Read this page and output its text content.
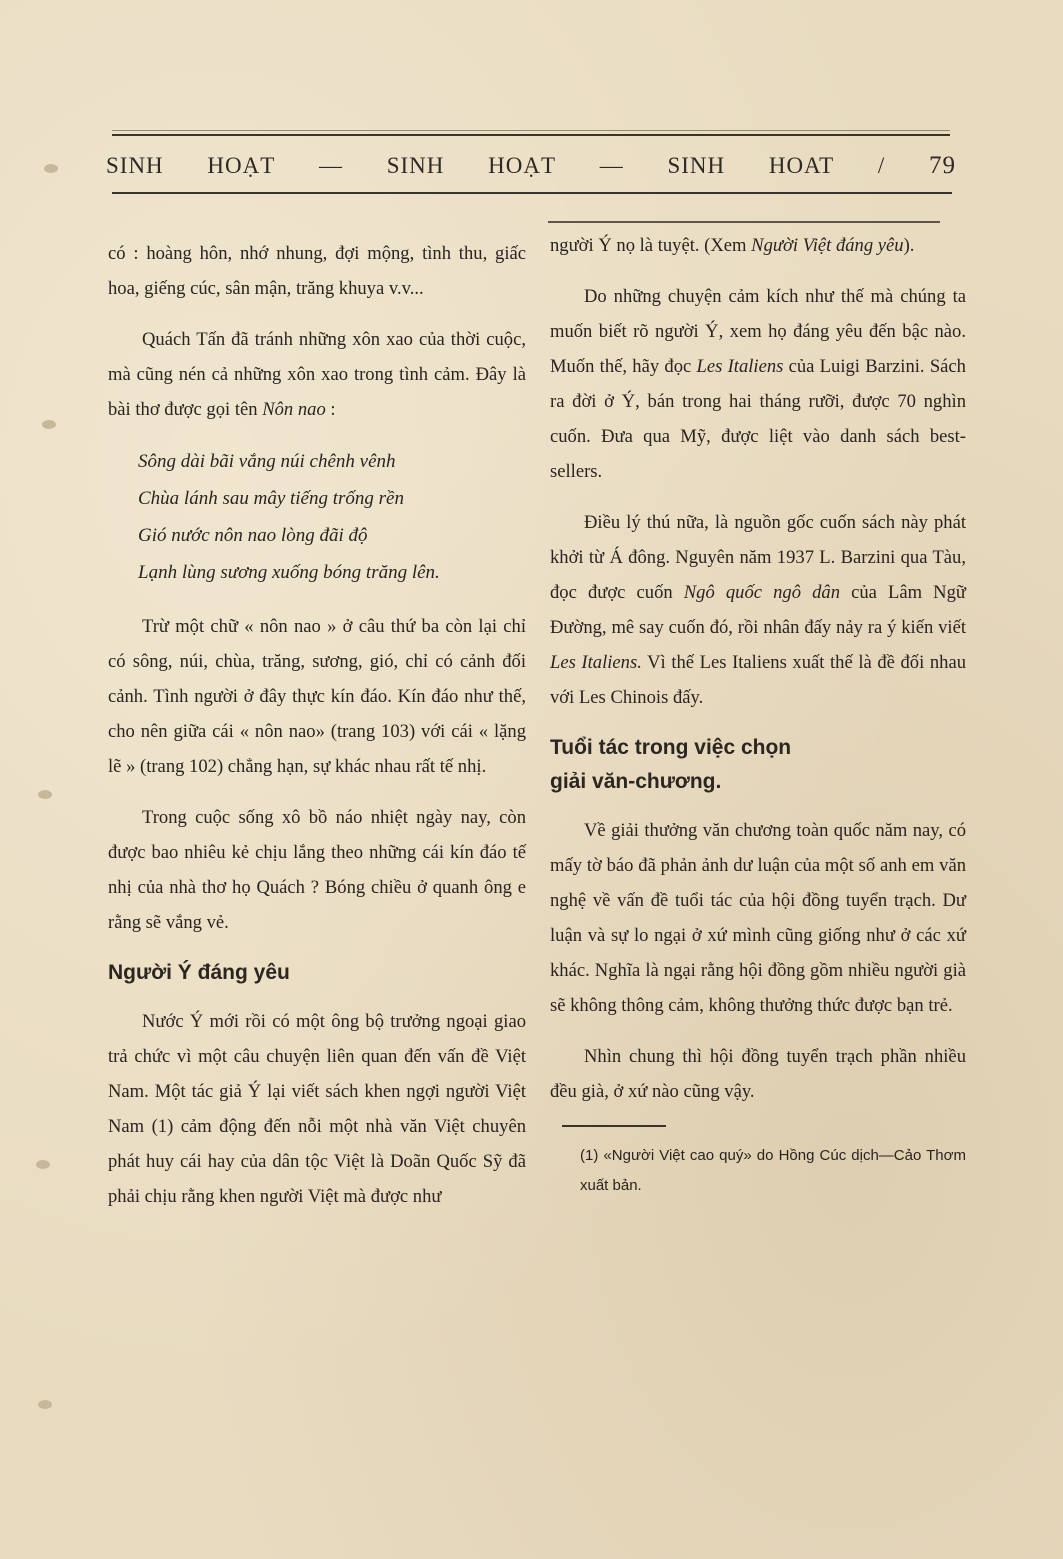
SINH HOẠT — SINH HOẠT — SINH HOAT / 79

có : hoàng hôn, nhớ nhung, đợi mộng, tình thu, giấc hoa, giếng cúc, sân mận, trăng khuya v.v...

Quách Tấn đã tránh những xôn xao của thời cuộc, mà cũng nén cả những xôn xao trong tình cảm. Đây là bài thơ được gọi tên Nôn nao :

Sông dài bãi vắng núi chênh vênh
Chùa lánh sau mây tiếng trống rền
Gió nước nôn nao lòng đãi độ
Lạnh lùng sương xuống bóng trăng lên.

Trừ một chữ « nôn nao » ở câu thứ ba còn lại chỉ có sông, núi, chùa, trăng, sương, gió, chỉ có cảnh đối cảnh. Tình người ở đây thực kín đáo. Kín đáo như thế, cho nên giữa cái « nôn nao» (trang 103) với cái « lặng lẽ » (trang 102) chẳng hạn, sự khác nhau rất tế nhị.

Trong cuộc sống xô bồ náo nhiệt ngày nay, còn được bao nhiêu kẻ chịu lắng theo những cái kín đáo tế nhị của nhà thơ họ Quách ? Bóng chiều ở quanh ông e rằng sẽ vắng vẻ.

Người Ý đáng yêu

Nước Ý mới rồi có một ông bộ trưởng ngoại giao trả chức vì một câu chuyện liên quan đến vấn đề Việt Nam. Một tác giả Ý lại viết sách khen ngợi người Việt Nam (1) cảm động đến nỗi một nhà văn Việt chuyên phát huy cái hay của dân tộc Việt là Doãn Quốc Sỹ đã phải chịu rằng khen người Việt mà được như

người Ý nọ là tuyệt. (Xem Người Việt đáng yêu).

Do những chuyện cảm kích như thế mà chúng ta muốn biết rõ người Ý, xem họ đáng yêu đến bậc nào. Muốn thế, hãy đọc Les Italiens của Luigi Barzini. Sách ra đời ở Ý, bán trong hai tháng rưỡi, được 70 nghìn cuốn. Đưa qua Mỹ, được liệt vào danh sách best-sellers.

Điều lý thú nữa, là nguồn gốc cuốn sách này phát khởi từ Á đông. Nguyên năm 1937 L. Barzini qua Tàu, đọc được cuốn Ngô quốc ngô dân của Lâm Ngữ Đường, mê say cuốn đó, rồi nhân đấy nảy ra ý kiến viết Les Italiens. Vì thế Les Italiens xuất thế là đề đối nhau với Les Chinois đấy.

Tuổi tác trong việc chọn
giải văn-chương.

Về giải thưởng văn chương toàn quốc năm nay, có mấy tờ báo đã phản ảnh dư luận của một số anh em văn nghệ về vấn đề tuổi tác của hội đồng tuyển trạch. Dư luận và sự lo ngại ở xứ mình cũng giống như ở các xứ khác. Nghĩa là ngại rằng hội đồng gồm nhiều người già sẽ không thông cảm, không thưởng thức được bạn trẻ.

Nhìn chung thì hội đồng tuyển trạch phần nhiều đều già, ở xứ nào cũng vậy.

(1) «Người Việt cao quý» do Hồng Cúc dịch—Cảo Thơm xuất bản.
